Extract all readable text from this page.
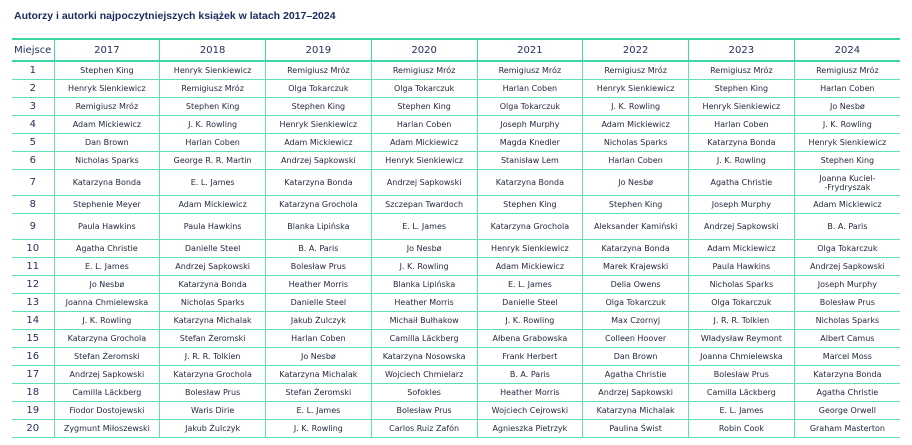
Autorzy i autorki najpoczytniejszych książek w latach 2017–2024
Miejsce	2017	2018	2019	2020	2021	2022	2023	2024
1	Stephen King	Henryk Sienkiewicz	Remigiusz Mróz	Remigiusz Mróz	Remigiusz Mróz	Remigiusz Mróz	Remigiusz Mróz	Remigiusz Mróz
2	Henryk Sienkiewicz	Remigiusz Mróz	Olga Tokarczuk	Olga Tokarczuk	Harlan Coben	Henryk Sienkiewicz	Stephen King	Harlan Coben
3	Remigiusz Mróz	Stephen King	Stephen King	Stephen King	Olga Tokarczuk	J. K. Rowling	Henryk Sienkiewicz	Jo Nesbø
4	Adam Mickiewicz	J. K. Rowling	Henryk Sienkiewicz	Harlan Coben	Joseph Murphy	Adam Mickiewicz	Harlan Coben	J. K. Rowling
5	Dan Brown	Harlan Coben	Adam Mickiewicz	Adam Mickiewicz	Magda Knedler	Nicholas Sparks	Katarzyna Bonda	Henryk Sienkiewicz
6	Nicholas Sparks	George R. R. Martin	Andrzej Sapkowski	Henryk Sienkiewicz	Stanisław Lem	Harlan Coben	J. K. Rowling	Stephen King
7	Katarzyna Bonda	E. L. James	Katarzyna Bonda	Andrzej Sapkowski	Katarzyna Bonda	Jo Nesbø	Agatha Christie	Joanna Kuciel-
-Frydryszak
8	Stephenie Meyer	Adam Mickiewicz	Katarzyna Grochola	Szczepan Twardoch	Stephen King	Stephen King	Joseph Murphy	Adam Mickiewicz
9	Paula Hawkins	Paula Hawkins	Blanka Lipińska	E. L. James	Katarzyna Grochola	Aleksander Kamiński	Andrzej Sapkowski	B. A. Paris
10	Agatha Christie	Danielle Steel	B. A. Paris	Jo Nesbø	Henryk Sienkiewicz	Katarzyna Bonda	Adam Mickiewicz	Olga Tokarczuk
11	E. L. James	Andrzej Sapkowski	Bolesław Prus	J. K. Rowling	Adam Mickiewicz	Marek Krajewski	Paula Hawkins	Andrzej Sapkowski
12	Jo Nesbø	Katarzyna Bonda	Heather Morris	Blanka Lipińska	E. L. James	Delia Owens	Nicholas Sparks	Joseph Murphy
13	Joanna Chmielewska	Nicholas Sparks	Danielle Steel	Heather Morris	Danielle Steel	Olga Tokarczuk	Olga Tokarczuk	Bolesław Prus
14	J. K. Rowling	Katarzyna Michalak	Jakub Żulczyk	Michaił Bułhakow	J. K. Rowling	Max Czornyj	J. R. R. Tolkien	Nicholas Sparks
15	Katarzyna Grochola	Stefan Żeromski	Harlan Coben	Camilla Läckberg	Ałbena Grabowska	Colleen Hoover	Władysław Reymont	Albert Camus
16	Stefan Żeromski	J. R. R. Tolkien	Jo Nesbø	Katarzyna Nosowska	Frank Herbert	Dan Brown	Joanna Chmielewska	Marcel Moss
17	Andrzej Sapkowski	Katarzyna Grochola	Katarzyna Michalak	Wojciech Chmielarz	B. A. Paris	Agatha Christie	Bolesław Prus	Katarzyna Bonda
18	Camilla Läckberg	Bolesław Prus	Stefan Żeromski	Sofokles	Heather Morris	Andrzej Sapkowski	Camilla Läckberg	Agatha Christie
19	Fiodor Dostojewski	Waris Dirie	E. L. James	Bolesław Prus	Wojciech Cejrowski	Katarzyna Michalak	E. L. James	George Orwell
20	Zygmunt Miłoszewski	Jakub Żulczyk	J. K. Rowling	Carlos Ruiz Zafón	Agnieszka Pietrzyk	Paulina Świst	Robin Cook	Graham Masterton
